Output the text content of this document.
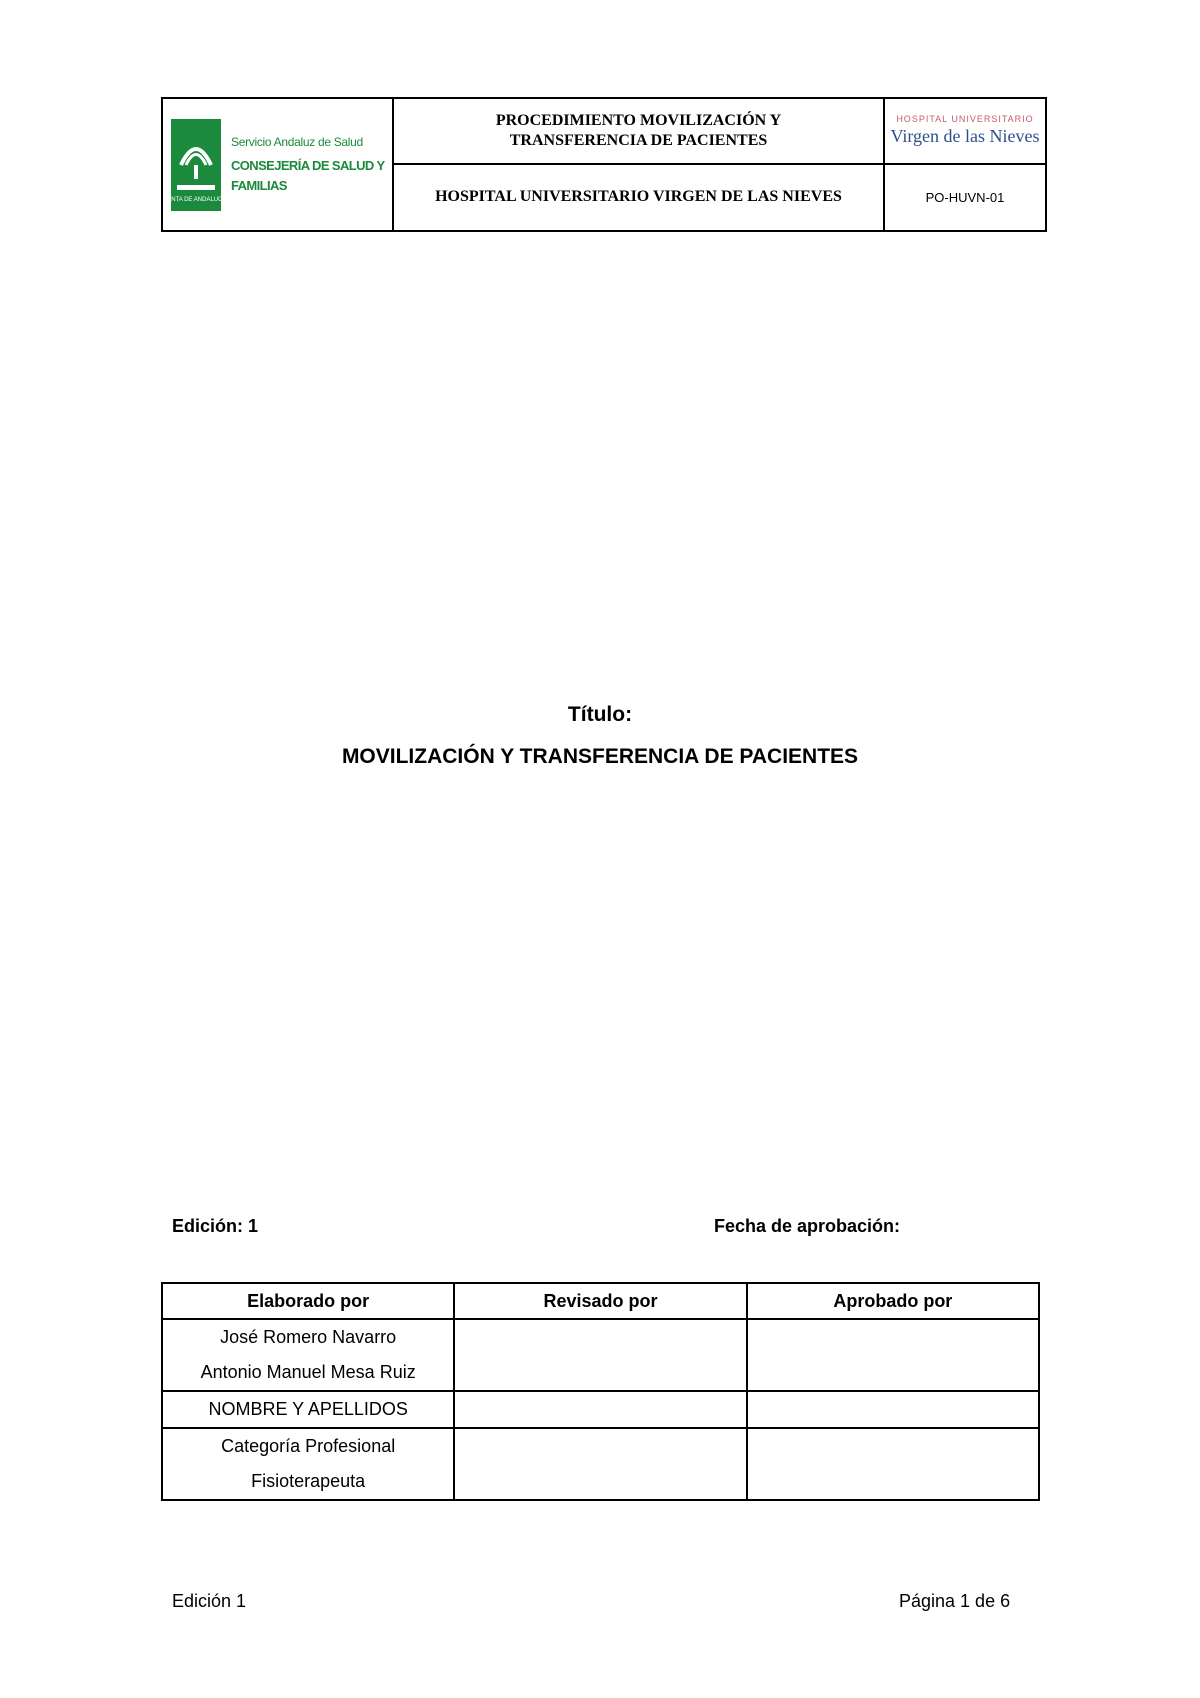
JUNTA DE ANDALUCIA
Servicio Andaluz de Salud
CONSEJERÍA DE SALUD Y FAMILIAS
PROCEDIMIENTO MOVILIZACIÓN Y TRANSFERENCIA DE PACIENTES
HOSPITAL UNIVERSITARIO
Virgen de las Nieves
HOSPITAL UNIVERSITARIO VIRGEN DE LAS NIEVES	PO-HUVN-01
Título:
MOVILIZACIÓN Y TRANSFERENCIA DE PACIENTES
Edición: 1	Fecha de aprobación:
Elaborado por	Revisado por	Aprobado por

José Romero Navarro
Antonio Manuel Mesa Ruiz		

NOMBRE Y APELLIDOS		

Categoría Profesional
Fisioterapeuta		

Edición 1	Página 1 de 6
